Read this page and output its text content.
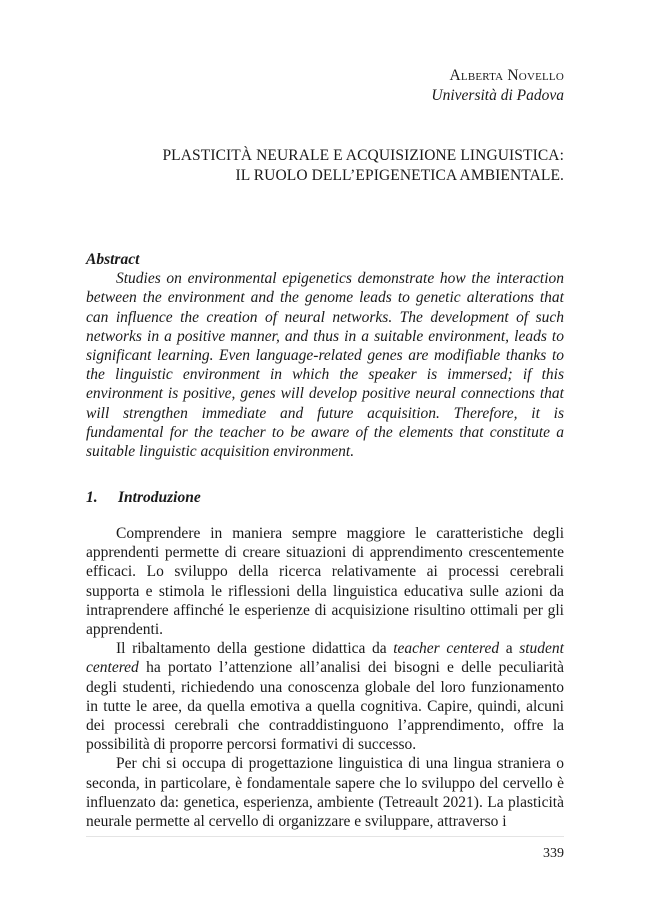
Alberta Novello
Università di Padova
PLASTICITÀ NEURALE E ACQUISIZIONE LINGUISTICA:
IL RUOLO DELL’EPIGENETICA AMBIENTALE.
Abstract

Studies on environmental epigenetics demonstrate how the interaction between the environment and the genome leads to genetic alterations that can influence the creation of neural networks. The development of such networks in a positive manner, and thus in a suitable environment, leads to significant learning. Even language-related genes are modifiable thanks to the linguistic environment in which the speaker is immersed; if this environment is positive, genes will develop positive neural connections that will strengthen immediate and future acquisition. Therefore, it is fundamental for the teacher to be aware of the elements that constitute a suitable linguistic acquisition environment.

1. Introduzione

Comprendere in maniera sempre maggiore le caratteristiche degli apprendenti permette di creare situazioni di apprendimento crescentemente efficaci. Lo sviluppo della ricerca relativamente ai processi cerebrali supporta e stimola le riflessioni della linguistica educativa sulle azioni da intraprendere affinché le esperienze di acquisizione risultino ottimali per gli apprendenti.

Il ribaltamento della gestione didattica da teacher centered a student centered ha portato l’attenzione all’analisi dei bisogni e delle peculiarità degli studenti, richiedendo una conoscenza globale del loro funzionamento in tutte le aree, da quella emotiva a quella cognitiva. Capire, quindi, alcuni dei processi cerebrali che contraddistinguono l’apprendimento, offre la possibilità di proporre percorsi formativi di successo.

Per chi si occupa di progettazione linguistica di una lingua straniera o seconda, in particolare, è fondamentale sapere che lo sviluppo del cervello è influenzato da: genetica, esperienza, ambiente (Tetreault 2021). La plasticità neurale permette al cervello di organizzare e sviluppare, attraverso i

339
